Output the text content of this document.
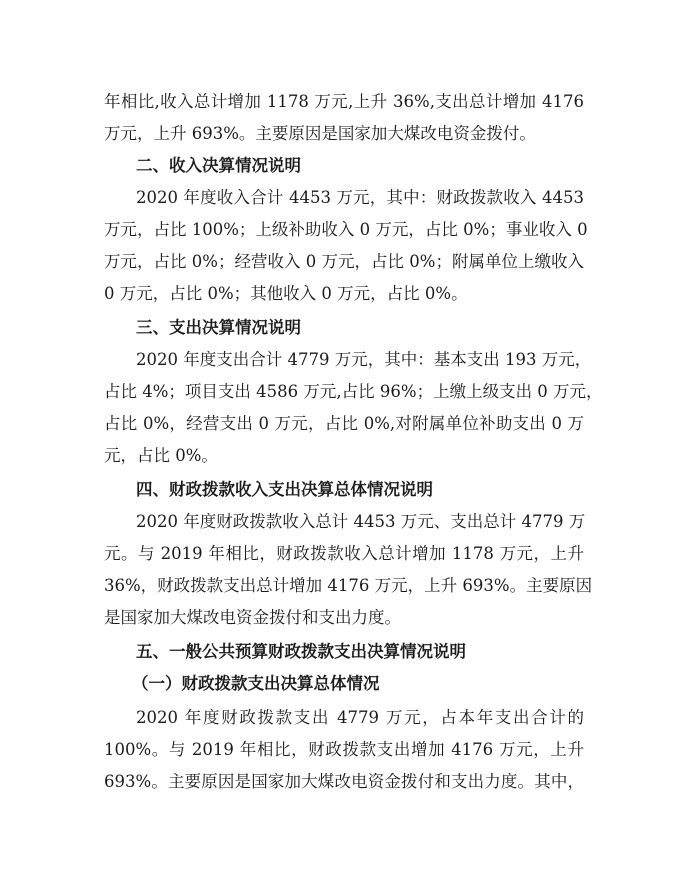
年相比,收入总计增加 1178 万元,上升 36%,支出总计增加 4176
万元，上升 693%。主要原因是国家加大煤改电资金拨付。
二、收入决算情况说明
2020 年度收入合计 4453 万元，其中：财政拨款收入 4453
万元，占比 100%；上级补助收入 0 万元，占比 0%；事业收入 0
万元，占比 0%；经营收入 0 万元，占比 0%；附属单位上缴收入
0 万元，占比 0%；其他收入 0 万元，占比 0%。
三、支出决算情况说明
2020 年度支出合计 4779 万元，其中：基本支出 193 万元，
占比 4%；项目支出 4586 万元,占比 96%；上缴上级支出 0 万元，
占比 0%，经营支出 0 万元，占比 0%,对附属单位补助支出 0 万
元，占比 0%。
四、财政拨款收入支出决算总体情况说明
2020 年度财政拨款收入总计 4453 万元、支出总计 4779 万
元。与 2019 年相比，财政拨款收入总计增加 1178 万元，上升
36%，财政拨款支出总计增加 4176 万元，上升 693%。主要原因
是国家加大煤改电资金拨付和支出力度。
五、一般公共预算财政拨款支出决算情况说明
（一）财政拨款支出决算总体情况
2020 年度财政拨款支出 4779 万元，占本年支出合计的
100%。与 2019 年相比，财政拨款支出增加 4176 万元，上升
693%。主要原因是国家加大煤改电资金拨付和支出力度。其中，
